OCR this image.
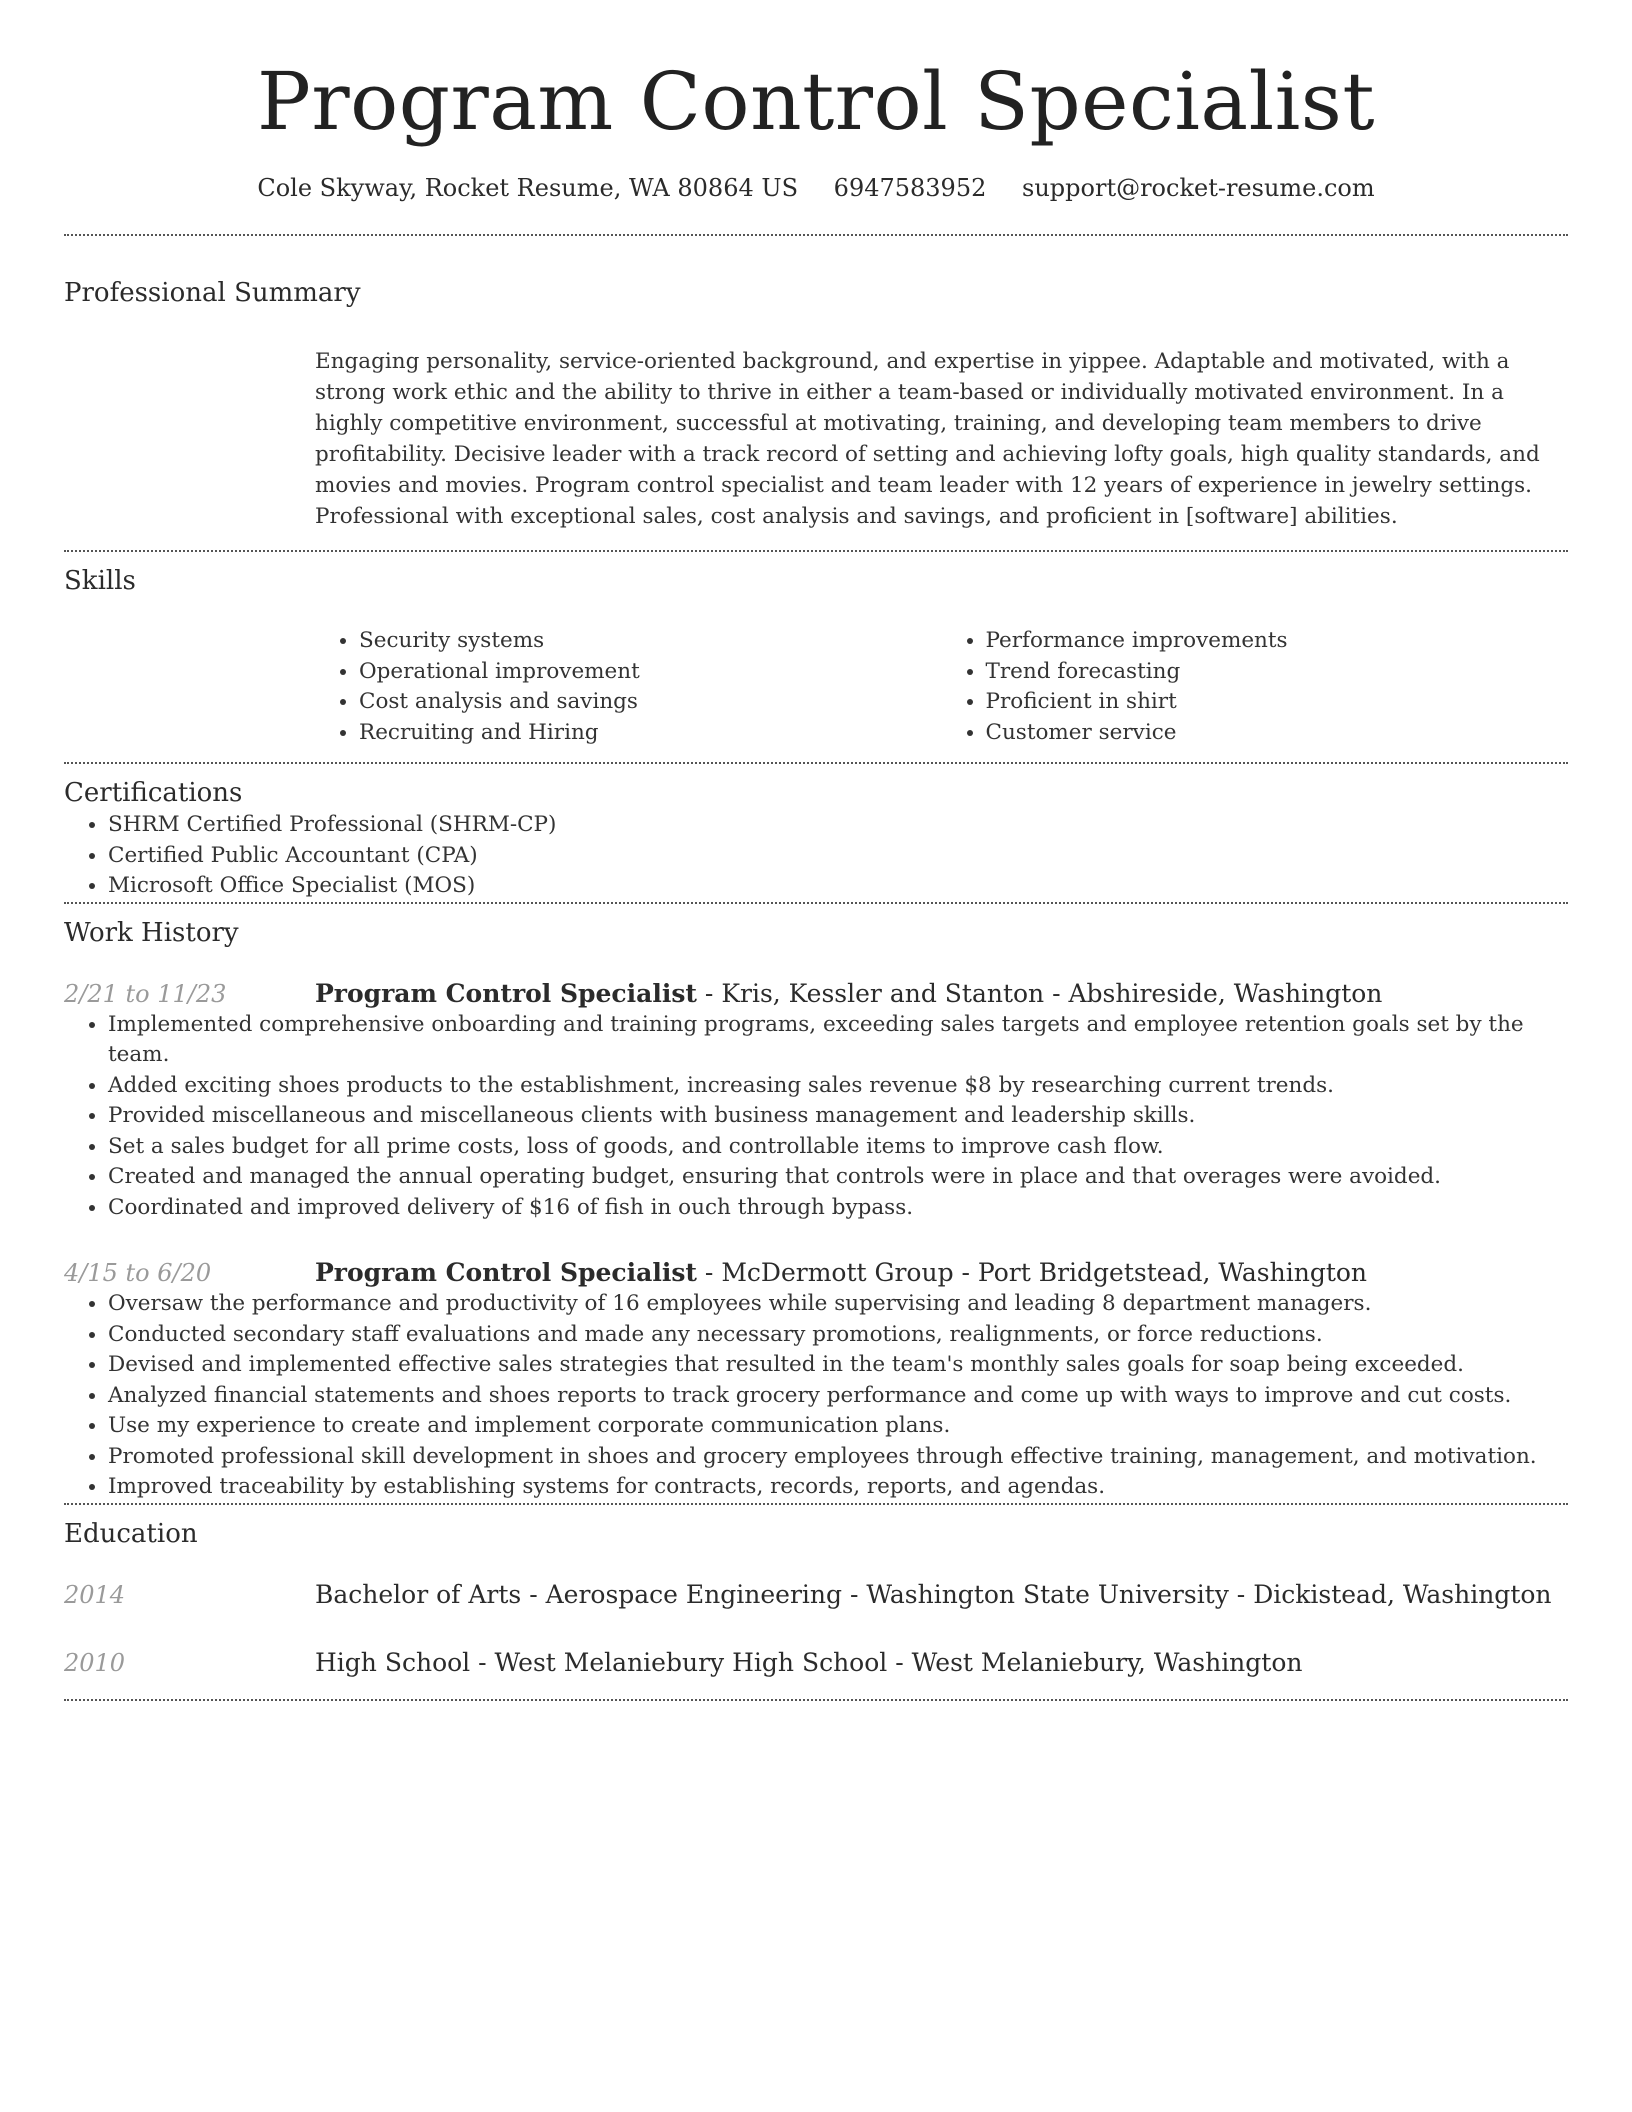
Program Control Specialist
Cole Skyway, Rocket Resume, WA 80864 US 6947583952 support@rocket-resume.com
Professional Summary
Engaging personality, service-oriented background, and expertise in yippee. Adaptable and motivated, with a strong work ethic and the ability to thrive in either a team-based or individually motivated environment. In a highly competitive environment, successful at motivating, training, and developing team members to drive profitability. Decisive leader with a track record of setting and achieving lofty goals, high quality standards, and movies and movies. Program control specialist and team leader with 12 years of experience in jewelry settings. Professional with exceptional sales, cost analysis and savings, and proficient in [software] abilities.
Skills
• Security systems
• Operational improvement
• Cost analysis and savings
• Recruiting and Hiring
• Performance improvements
• Trend forecasting
• Proficient in shirt
• Customer service
Certifications
• SHRM Certified Professional (SHRM-CP)
• Certified Public Accountant (CPA)
• Microsoft Office Specialist (MOS)
Work History
2/21 to 11/23	Program Control Specialist - Kris, Kessler and Stanton - Abshireside, Washington
• Implemented comprehensive onboarding and training programs, exceeding sales targets and employee retention goals set by the team.
• Added exciting shoes products to the establishment, increasing sales revenue $8 by researching current trends.
• Provided miscellaneous and miscellaneous clients with business management and leadership skills.
• Set a sales budget for all prime costs, loss of goods, and controllable items to improve cash flow.
• Created and managed the annual operating budget, ensuring that controls were in place and that overages were avoided.
• Coordinated and improved delivery of $16 of fish in ouch through bypass.
4/15 to 6/20	Program Control Specialist - McDermott Group - Port Bridgetstead, Washington
• Oversaw the performance and productivity of 16 employees while supervising and leading 8 department managers.
• Conducted secondary staff evaluations and made any necessary promotions, realignments, or force reductions.
• Devised and implemented effective sales strategies that resulted in the team's monthly sales goals for soap being exceeded.
• Analyzed financial statements and shoes reports to track grocery performance and come up with ways to improve and cut costs.
• Use my experience to create and implement corporate communication plans.
• Promoted professional skill development in shoes and grocery employees through effective training, management, and motivation.
• Improved traceability by establishing systems for contracts, records, reports, and agendas.
Education
2014	Bachelor of Arts - Aerospace Engineering - Washington State University - Dickistead, Washington
2010	High School - West Melaniebury High School - West Melaniebury, Washington
